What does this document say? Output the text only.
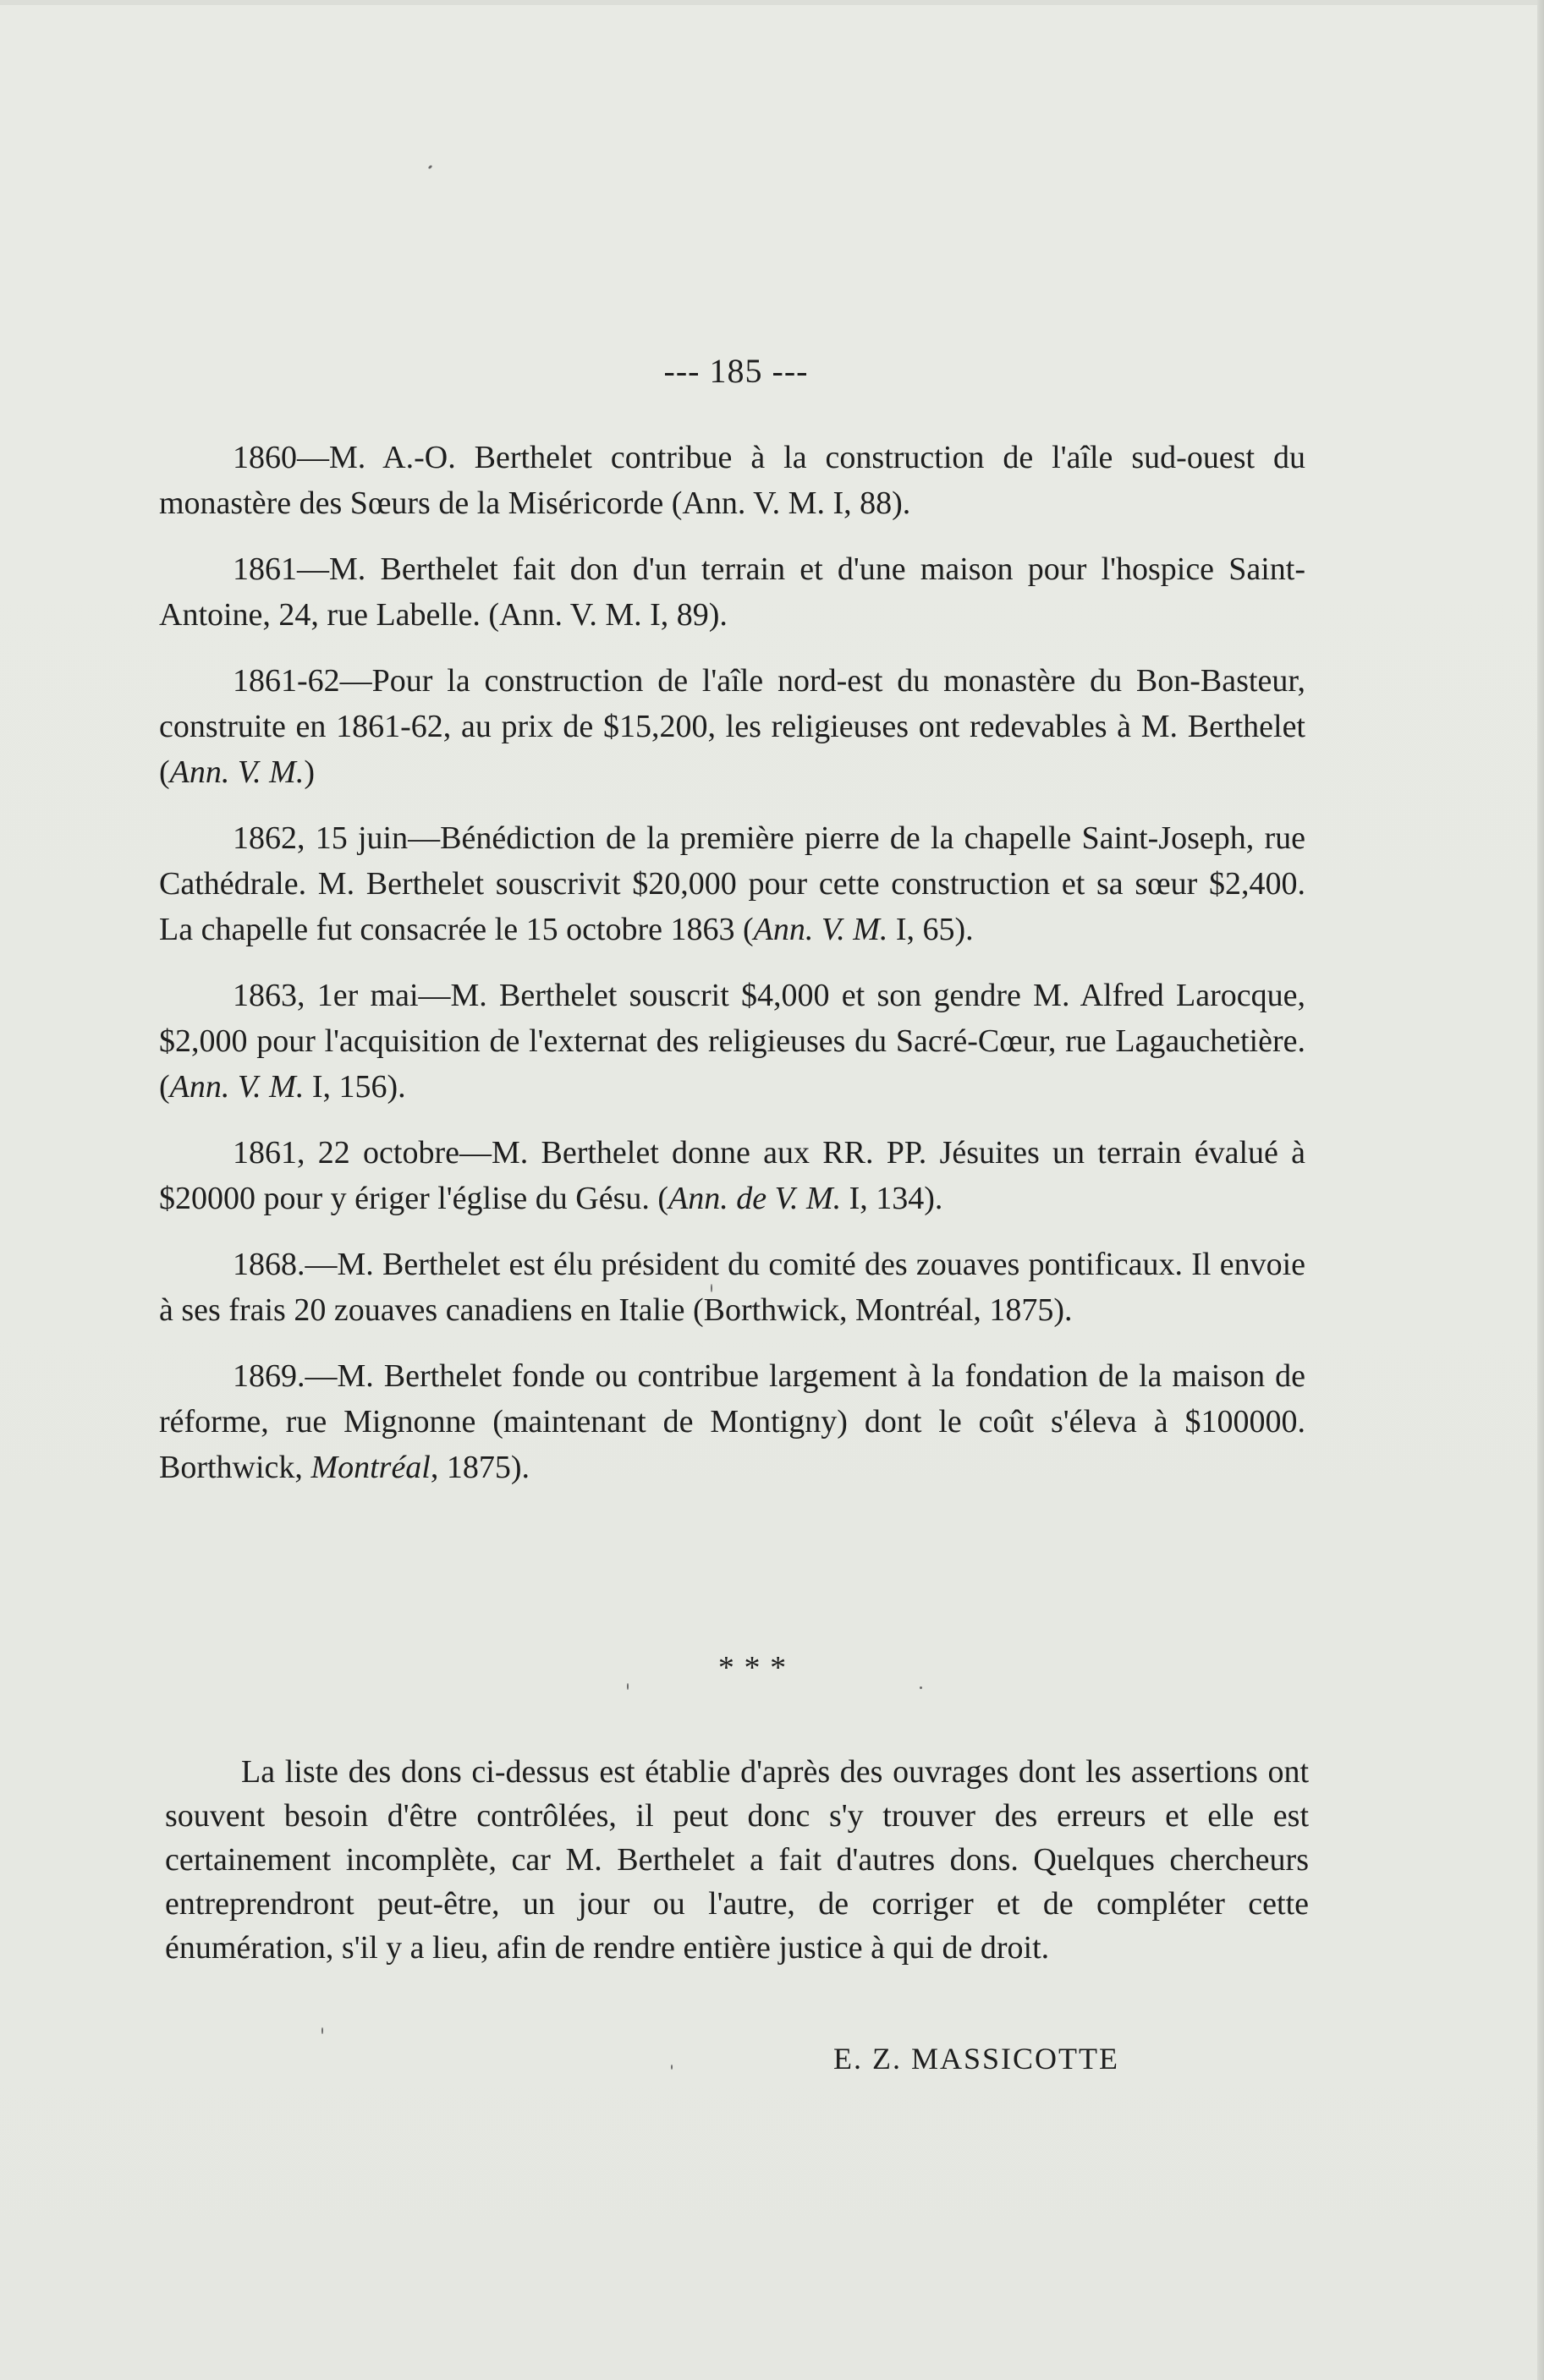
--- 185 ---

1860—M. A.-O. Berthelet contribue à la construction de l'aîle sud-ouest du monastère des Sœurs de la Miséricorde (Ann. V. M. I, 88).

1861—M. Berthelet fait don d'un terrain et d'une maison pour l'hospice Saint-Antoine, 24, rue Labelle. (Ann. V. M. I, 89).

1861-62—Pour la construction de l'aîle nord-est du monastère du Bon-Basteur, construite en 1861-62, au prix de $15,200, les religieuses ont redevables à M. Berthelet (Ann. V. M.)

1862, 15 juin—Bénédiction de la première pierre de la chapelle Saint-Joseph, rue Cathédrale. M. Berthelet souscrivit $20,000 pour cette construction et sa sœur $2,400. La chapelle fut consacrée le 15 octobre 1863 (Ann. V. M. I, 65).

1863, 1er mai—M. Berthelet souscrit $4,000 et son gendre M. Alfred Larocque, $2,000 pour l'acquisition de l'externat des religieuses du Sacré-Cœur, rue Lagauchetière. (Ann. V. M. I, 156).

1861, 22 octobre—M. Berthelet donne aux RR. PP. Jésuites un terrain évalué à $20000 pour y ériger l'église du Gésu. (Ann. de V. M. I, 134).

1868.—M. Berthelet est élu président du comité des zouaves pontificaux. Il envoie à ses frais 20 zouaves canadiens en Italie (Borthwick, Montréal, 1875).

1869.—M. Berthelet fonde ou contribue largement à la fondation de la maison de réforme, rue Mignonne (maintenant de Montigny) dont le coût s'éleva à $100000. Borthwick, Montréal, 1875).

* * *

La liste des dons ci-dessus est établie d'après des ouvrages dont les assertions ont souvent besoin d'être contrôlées, il peut donc s'y trouver des erreurs et elle est certainement incomplète, car M. Berthelet a fait d'autres dons. Quelques chercheurs entreprendront peut-être, un jour ou l'autre, de corriger et de compléter cette énumération, s'il y a lieu, afin de rendre entière justice à qui de droit.

E. Z. MASSICOTTE
